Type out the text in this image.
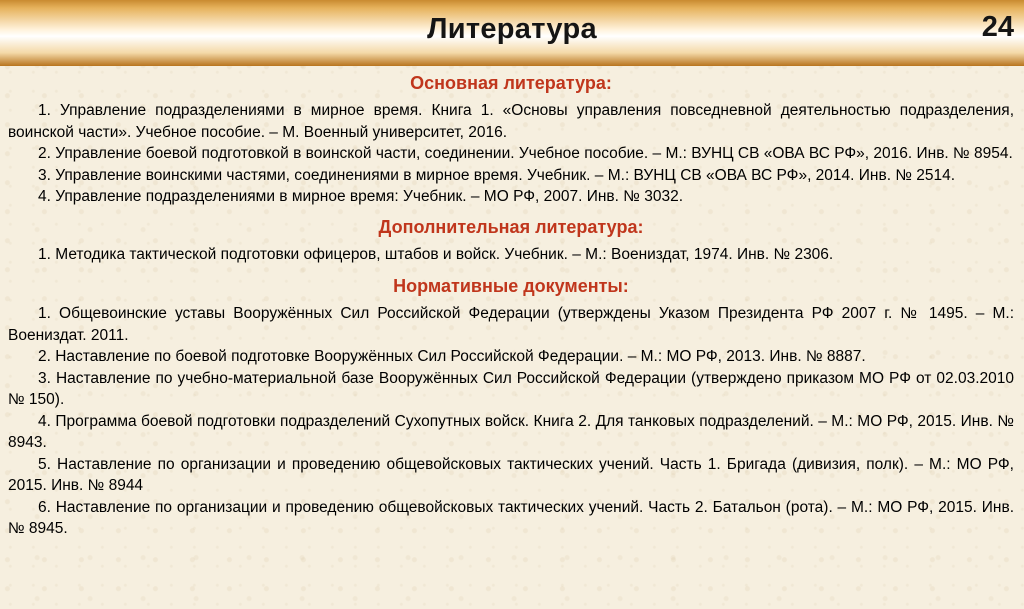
Литература	24

Основная литература:

1. Управление подразделениями в мирное время. Книга 1. «Основы управления повседневной деятельностью подразделения, воинской части». Учебное пособие. – М. Военный университет, 2016.

2. Управление боевой подготовкой в воинской части, соединении. Учебное пособие. – М.: ВУНЦ СВ «ОВА ВС РФ», 2016. Инв. № 8954.

3. Управление воинскими частями, соединениями в мирное время. Учебник. – М.: ВУНЦ СВ «ОВА ВС РФ», 2014. Инв. № 2514.

4. Управление подразделениями в мирное время: Учебник. – МО РФ, 2007. Инв. № 3032.

Дополнительная литература:

1. Методика тактической подготовки офицеров, штабов и войск. Учебник. – М.: Воениздат, 1974. Инв. № 2306.

Нормативные документы:

1. Общевоинские уставы Вооружённых Сил Российской Федерации (утверждены Указом Президента РФ 2007 г. № 1495. – М.: Воениздат. 2011.

2. Наставление по боевой подготовке Вооружённых Сил Российской Федерации. – М.: МО РФ, 2013. Инв. № 8887.

3. Наставление по учебно-материальной базе Вооружённых Сил Российской Федерации (утверждено приказом МО РФ от 02.03.2010 № 150).

4. Программа боевой подготовки подразделений Сухопутных войск. Книга 2. Для танковых подразделений. – М.: МО РФ, 2015. Инв. № 8943.

5. Наставление по организации и проведению общевойсковых тактических учений. Часть 1. Бригада (дивизия, полк). – М.: МО РФ, 2015. Инв. № 8944

6. Наставление по организации и проведению общевойсковых тактических учений. Часть 2. Батальон (рота). – М.: МО РФ, 2015. Инв. № 8945.
